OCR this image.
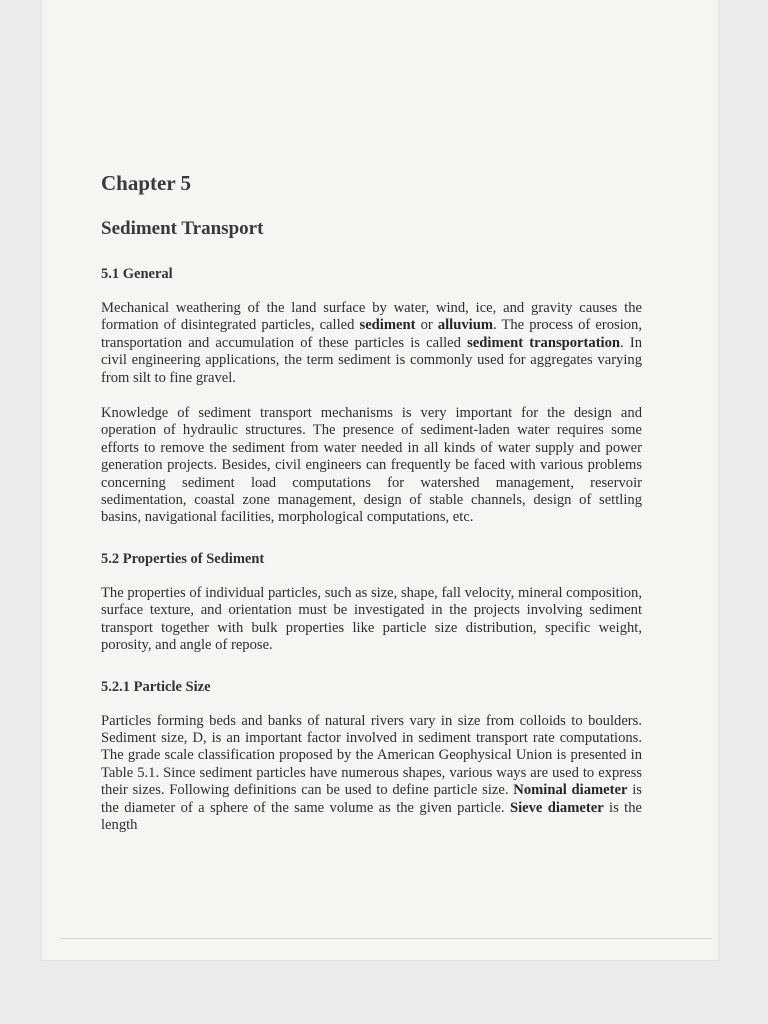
Chapter 5
Sediment Transport
5.1 General

Mechanical weathering of the land surface by water, wind, ice, and gravity causes the formation of disintegrated particles, called sediment or alluvium. The process of erosion, transportation and accumulation of these particles is called sediment transportation. In civil engineering applications, the term sediment is commonly used for aggregates varying from silt to fine gravel.

Knowledge of sediment transport mechanisms is very important for the design and operation of hydraulic structures. The presence of sediment-laden water requires some efforts to remove the sediment from water needed in all kinds of water supply and power generation projects. Besides, civil engineers can frequently be faced with various problems concerning sediment load computations for watershed management, reservoir sedimentation, coastal zone management, design of stable channels, design of settling basins, navigational facilities, morphological computations, etc.

5.2 Properties of Sediment

The properties of individual particles, such as size, shape, fall velocity, mineral composition, surface texture, and orientation must be investigated in the projects involving sediment transport together with bulk properties like particle size distribution, specific weight, porosity, and angle of repose.

5.2.1 Particle Size

Particles forming beds and banks of natural rivers vary in size from colloids to boulders. Sediment size, D, is an important factor involved in sediment transport rate computations. The grade scale classification proposed by the American Geophysical Union is presented in Table 5.1. Since sediment particles have numerous shapes, various ways are used to express their sizes. Following definitions can be used to define particle size. Nominal diameter is the diameter of a sphere of the same volume as the given particle. Sieve diameter is the length
